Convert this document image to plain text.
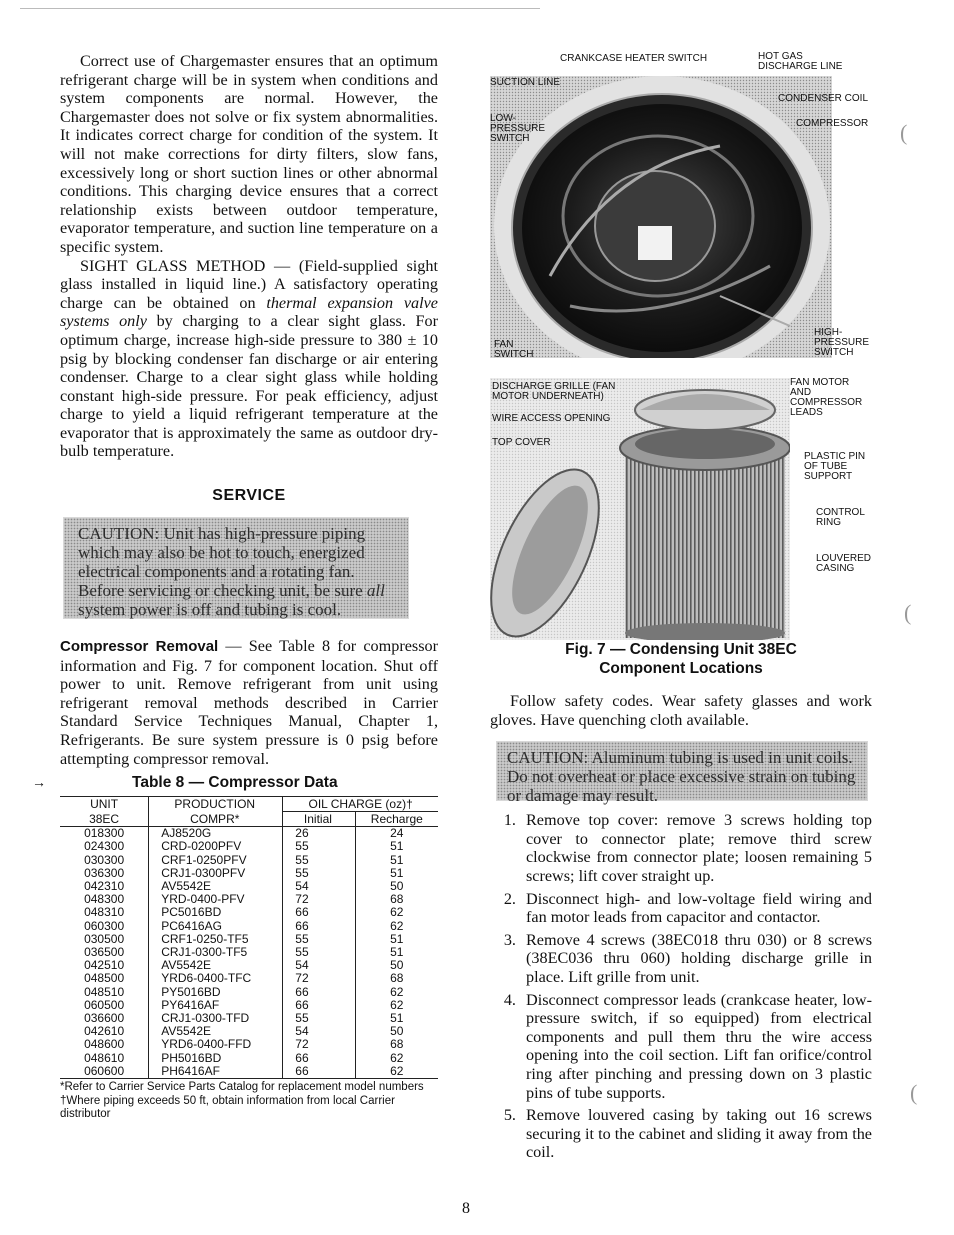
Correct use of Chargemaster ensures that an optimum refrigerant charge will be in system when conditions and system components are normal. However, the Chargemaster does not solve or fix system abnormalities. It indicates correct charge for condition of the system. It will not make corrections for dirty filters, slow fans, excessively long or short suction lines or other abnormal conditions. This charging device ensures that a correct relationship exists between outdoor temperature, evaporator temperature, and suction line temperature on a specific system.

SIGHT GLASS METHOD — (Field-supplied sight glass installed in liquid line.) A satisfactory operating charge can be obtained on thermal expansion valve systems only by charging to a clear sight glass. For optimum charge, increase high-side pressure to 380 ± 10 psig by blocking condenser fan discharge or air entering condenser. Charge to a clear sight glass while holding constant high-side pressure. For peak efficiency, adjust charge to yield a liquid refrigerant temperature at the evaporator that is approximately the same as outdoor dry-bulb temperature.

SERVICE
CAUTION: Unit has high-pressure piping which may also be hot to touch, energized electrical components and a rotating fan. Before servicing or checking unit, be sure all system power is off and tubing is cool.

Compressor Removal — See Table 8 for compressor information and Fig. 7 for component location. Shut off power to unit. Remove refrigerant from unit using refrigerant removal methods described in Carrier Standard Service Techniques Manual, Chapter 1, Refrigerants. Be sure system pressure is 0 psig before attempting compressor removal.

→	Table 8 — Compressor Data
UNIT	PRODUCTION	OIL CHARGE (oz)†	
38EC	COMPR*	Initial	Recharge
018300	AJ8520G	26	24
024300	CRD-0200PFV	55	51
030300	CRF1-0250PFV	55	51
036300	CRJ1-0300PFV	55	51
042310	AV5542E	54	50
048300	YRD-0400-PFV	72	68
048310	PC5016BD	66	62
060300	PC6416AG	66	62
030500	CRF1-0250-TF5	55	51
036500	CRJ1-0300-TF5	55	51
042510	AV5542E	54	50
048500	YRD6-0400-TFC	72	68
048510	PY5016BD	66	62
060500	PY6416AF	66	62
036600	CRJ1-0300-TFD	55	51
042610	AV5542E	54	50
048600	YRD6-0400-FFD	72	68
048610	PH5016BD	66	62
060600	PH6416AF	66	62
*Refer to Carrier Service Parts Catalog for replacement model numbers
†Where piping exceeds 50 ft, obtain information from local Carrier distributor
CRANKCASE HEATER SWITCH	HOT GAS
DISCHARGE LINE
SUCTION LINE
CONDENSER COIL
LOW-
PRESSURE
SWITCH
COMPRESSOR
FAN
SWITCH
HIGH-
PRESSURE
SWITCH
DISCHARGE GRILLE (FAN
MOTOR UNDERNEATH)
FAN MOTOR
AND
COMPRESSOR
LEADS
WIRE ACCESS OPENING
TOP COVER
PLASTIC PIN
OF TUBE
SUPPORT
CONTROL
RING
LOUVERED
CASING
Fig. 7 — Condensing Unit 38EC
Component Locations

Follow safety codes. Wear safety glasses and work gloves. Have quenching cloth available.

CAUTION: Aluminum tubing is used in unit coils. Do not overheat or place excessive strain on tubing or damage may result.
1. Remove top cover: remove 3 screws holding top cover to connector plate; remove third screw clockwise from connector plate; loosen remaining 5 screws; lift cover straight up.
2. Disconnect high- and low-voltage field wiring and fan motor leads from capacitor and contactor.
3. Remove 4 screws (38EC018 thru 030) or 8 screws (38EC036 thru 060) holding discharge grille in place. Lift grille from unit.
4. Disconnect compressor leads (crankcase heater, low-pressure switch, if so equipped) from electrical components and pull them thru the wire access opening into the coil section. Lift fan orifice/control ring after pinching and pressing down on 3 plastic pins of tube supports.
5. Remove louvered casing by taking out 16 screws securing it to the cabinet and sliding it away from the coil.
8
(
(
(
